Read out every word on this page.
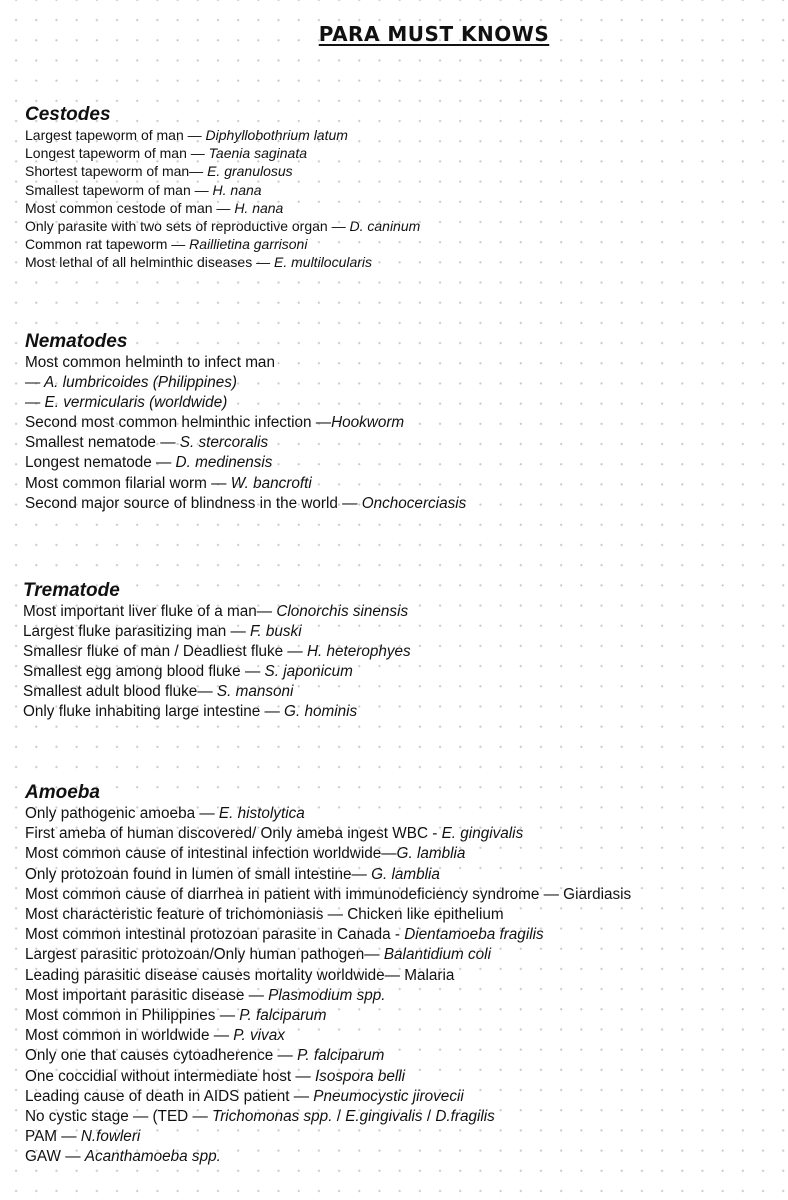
PARA MUST KNOWS
Cestodes
Largest tapeworm of man — Diphyllobothrium latum
Longest tapeworm of man — Taenia saginata
Shortest tapeworm of man— E. granulosus
Smallest tapeworm of man — H. nana
Most common cestode of man — H. nana
Only parasite with two sets of reproductive organ — D. caninum
Common rat tapeworm — Raillietina garrisoni
Most lethal of all helminthic diseases — E. multilocularis
Nematodes
Most common helminth to infect man
— A. lumbricoides (Philippines)
— E. vermicularis (worldwide)
Second most common helminthic infection —Hookworm
Smallest nematode — S. stercoralis
Longest nematode — D. medinensis
Most common filarial worm — W. bancrofti
Second major source of blindness in the world — Onchocerciasis
Trematode
Most important liver fluke of a man— Clonorchis sinensis
Largest fluke parasitizing man — F. buski
Smallesr fluke of man / Deadliest fluke — H. heterophyes
Smallest egg among blood fluke — S. japonicum
Smallest adult blood fluke— S. mansoni
Only fluke inhabiting large intestine — G. hominis
Amoeba
Only pathogenic amoeba — E. histolytica
First ameba of human discovered/ Only ameba ingest WBC - E. gingivalis
Most common cause of intestinal infection worldwide—G. lamblia
Only protozoan found in lumen of small intestine— G. lamblia
Most common cause of diarrhea in patient with immunodeficiency syndrome — Giardiasis
Most characteristic feature of trichomoniasis — Chicken like epithelium
Most common intestinal protozoan parasite in Canada - Dientamoeba fragilis
Largest parasitic protozoan/Only human pathogen— Balantidium coli
Leading parasitic disease causes mortality worldwide— Malaria
Most important parasitic disease — Plasmodium spp.
Most common in Philippines — P. falciparum
Most common in worldwide — P. vivax
Only one that causes cytoadherence — P. falciparum
One coccidial without intermediate host — Isospora belli
Leading cause of death in AIDS patient — Pneumocystic jirovecii
No cystic stage — (TED — Trichomonas spp. / E.gingivalis / D.fragilis
PAM — N.fowleri
GAW — Acanthamoeba spp.
